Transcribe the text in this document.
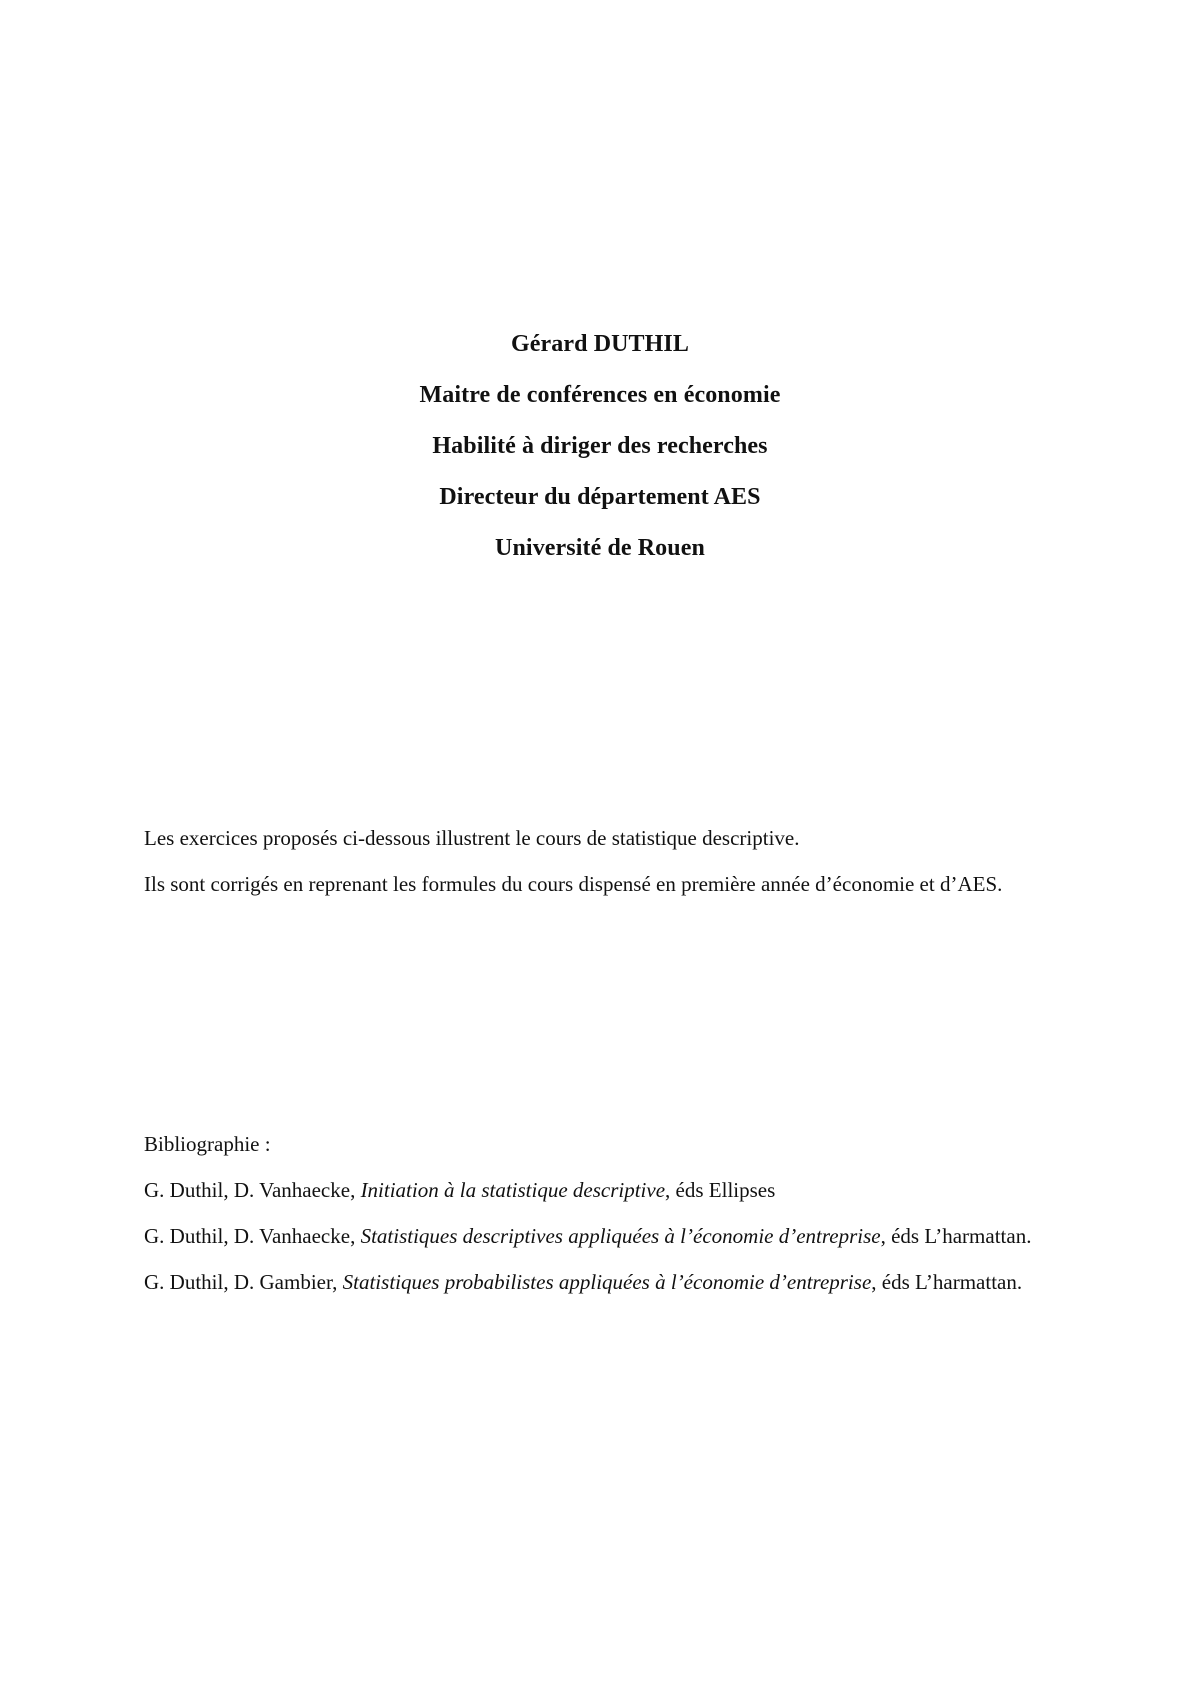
Gérard DUTHIL
Maitre de conférences en économie
Habilité à diriger des recherches
Directeur du département AES
Université de Rouen

Les exercices proposés ci-dessous illustrent le cours de statistique descriptive.

Ils sont corrigés en reprenant les formules du cours dispensé en première année d’économie et d’AES.

Bibliographie :

G. Duthil, D. Vanhaecke, Initiation à la statistique descriptive, éds Ellipses

G. Duthil, D. Vanhaecke, Statistiques descriptives appliquées à l’économie d’entreprise, éds L’harmattan.

G. Duthil, D. Gambier, Statistiques probabilistes appliquées à l’économie d’entreprise, éds L’harmattan.
